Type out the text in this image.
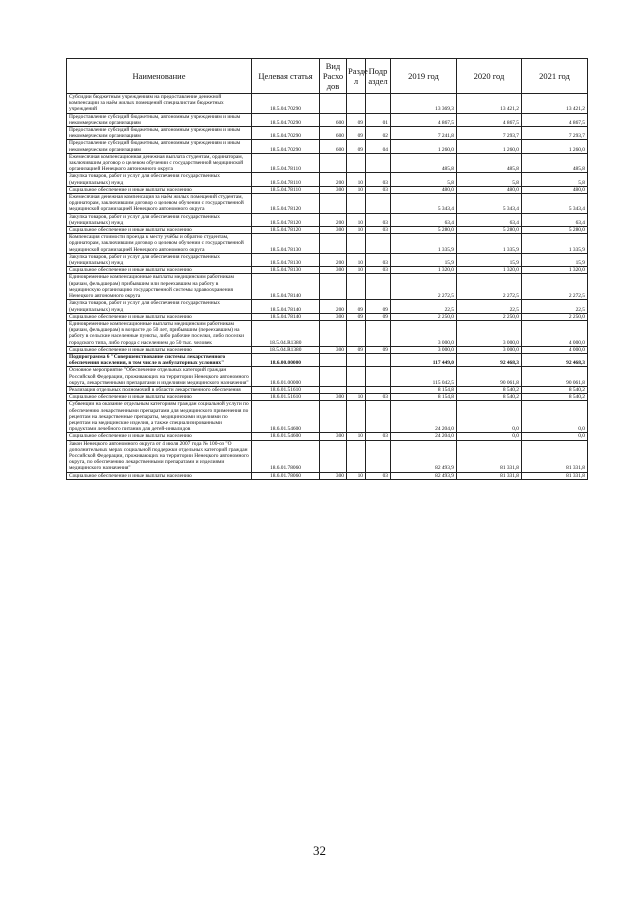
Наименование	Целевая статья	Вид Расхо дов	Разде л	Подр аздел	2019 год	2020 год	2021 год
Субсидии бюджетным учреждениям на предоставление денежной компенсации за наём жилых помещений специалистам бюджетных учреждений	18.5.04.70290				13 369,3	13 421,2	13 421,2
Предоставление субсидий бюджетным, автономным учреждениям и иным некоммерческим организациям	18.5.04.70290	600	09	01	4 867,5	4 867,5	4 867,5
Предоставление субсидий бюджетным, автономным учреждениям и иным некоммерческим организациям	18.5.04.70290	600	09	02	7 241,8	7 293,7	7 293,7
Предоставление субсидий бюджетным, автономным учреждениям и иным некоммерческим организациям	18.5.04.70290	600	09	04	1 260,0	1 260,0	1 260,0
Ежемесячная компенсационная денежная выплата студентам, ординаторам, заключившим договор о целевом обучении с государственной медицинской организацией Ненецкого автономного округа	18.5.04.78110				485,8	485,8	485,8
Закупка товаров, работ и услуг для обеспечения государственных (муниципальных) нужд	18.5.04.78110	200	10	03	5,8	5,8	5,8
Социальное обеспечение и иные выплаты населению	18.5.04.78110	300	10	03	480,0	480,0	480,0
Ежемесячная денежная компенсация за наём жилых помещений студентам, ординаторам, заключившим договор о целевом обучении с государственной медицинской организацией Ненецкого автономного округа	18.5.04.78120				5 343,4	5 343,4	5 343,4
Закупка товаров, работ и услуг для обеспечения государственных (муниципальных) нужд	18.5.04.78120	200	10	03	63,4	63,4	63,4
Социальное обеспечение и иные выплаты населению	18.5.04.78120	300	10	03	5 280,0	5 280,0	5 280,0
Компенсация стоимости проезда к месту учёбы и обратно студентам, ординаторам, заключившим договор о целевом обучении с государственной медицинской организацией Ненецкого автономного округа	18.5.04.78130				1 335,9	1 335,9	1 335,9
Закупка товаров, работ и услуг для обеспечения государственных (муниципальных) нужд	18.5.04.78130	200	10	03	15,9	15,9	15,9
Социальное обеспечение и иные выплаты населению	18.5.04.78130	300	10	03	1 320,0	1 320,0	1 320,0
Единовременные компенсационные выплаты медицинским работникам (врачам, фельдшерам) прибывшим или переехавшим на работу в медицинскую организацию государственной системы здравоохранения Ненецкого автономного округа	18.5.04.78140				2 272,5	2 272,5	2 272,5
Закупка товаров, работ и услуг для обеспечения государственных (муниципальных) нужд	18.5.04.78140	200	09	09	22,5	22,5	22,5
Социальное обеспечение и иные выплаты населению	18.5.04.78140	300	09	09	2 250,0	2 250,0	2 250,0
Единовременные компенсационные выплаты медицинским работникам (врачам, фельдшерам) в возрасте до 50 лет, прибывшим (переехавшим) на работу в сельские населенные пункты, либо рабочие поселки, либо поселки городского типа, либо города с населением до 50 тыс. человек	18.5.04.R1380				3 000,0	3 000,0	4 000,0
Социальное обеспечение и иные выплаты населению	18.5.04.R1380	300	09	09	3 000,0	3 000,0	4 000,0
Подпрограмма 6 "Совершенствование системы лекарственного обеспечения населения, в том числе в амбулаторных условиях"	18.6.00.00000				117 449,0	92 468,3	92 468,3
Основное мероприятие "Обеспечение отдельных категорий граждан Российской Федерации, проживающих на территории Ненецкого автономного округа, лекарственными препаратами и изделиями медицинского назначения"	18.6.01.00000				115 042,5	90 061,8	90 061,8
Реализация отдельных полномочий в области лекарственного обеспечения	18.6.01.51610				8 154,8	8 540,2	8 540,2
Социальное обеспечение и иные выплаты населению	18.6.01.51610	300	10	03	8 154,8	8 540,2	8 540,2
Субвенции на оказание отдельным категориям граждан социальной услуги по обеспечению лекарственными препаратами для медицинского применения по рецептам на лекарственные препараты, медицинскими изделиями по рецептам на медицинские изделия, а также специализированными продуктами лечебного питания для детей-инвалидов	18.6.01.54600				24 204,0	0,0	0,0
Социальное обеспечение и иные выплаты населению	18.6.01.54600	300	10	03	24 204,0	0,0	0,0
Закон Ненецкого автономного округа от 4 июля 2007 года № 100-оз "О дополнительных мерах социальной поддержки отдельных категорий граждан Российской Федерации, проживающих на территории Ненецкого автономного округа, по обеспечению лекарственными препаратами и изделиями медицинского назначения"	18.6.01.78060				82 493,9	81 331,8	81 331,8
Социальное обеспечение и иные выплаты населению	18.6.01.78060	300	10	03	82 493,9	81 331,8	81 331,8
32
